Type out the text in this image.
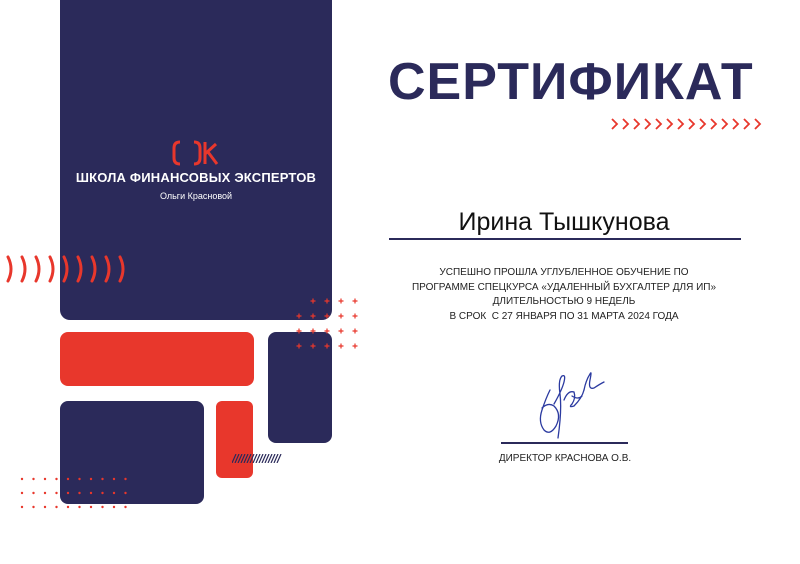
ШКОЛА ФИНАНСОВЫХ ЭКСПЕРТОВ
Ольги Красновой
СЕРТИФИКАТ

Ирина Тышкунова

УСПЕШНО ПРОШЛА УГЛУБЛЕННОЕ ОБУЧЕНИЕ ПО
ПРОГРАММЕ СПЕЦКУРСА «УДАЛЕННЫЙ БУХГАЛТЕР ДЛЯ ИП»
ДЛИТЕЛЬНОСТЬЮ 9 НЕДЕЛЬ
В СРОК  С 27 ЯНВАРЯ ПО 31 МАРТА 2024 ГОДА
ДИРЕКТОР КРАСНОВА О.В.
